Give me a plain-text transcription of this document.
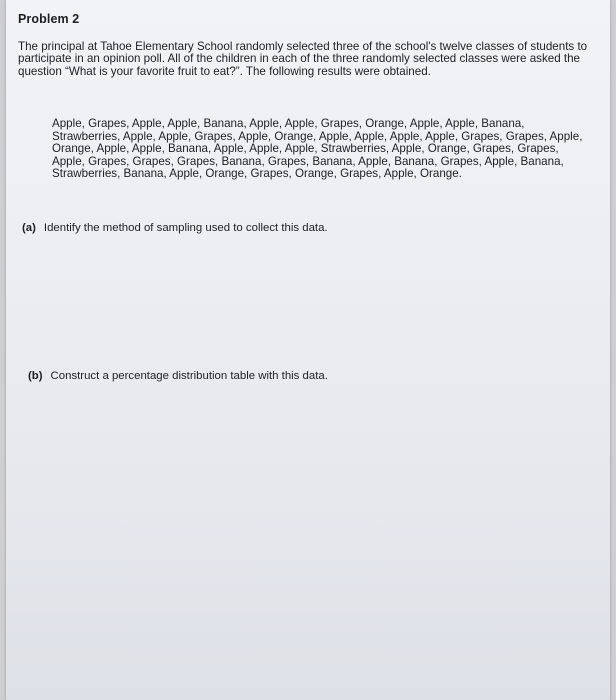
Problem 2
The principal at Tahoe Elementary School randomly selected three of the school's twelve classes of students to participate in an opinion poll. All of the children in each of the three randomly selected classes were asked the question “What is your favorite fruit to eat?”. The following results were obtained.
Apple, Grapes, Apple, Apple, Banana, Apple, Apple, Grapes, Orange, Apple, Apple, Banana, Strawberries, Apple, Apple, Grapes, Apple, Orange, Apple, Apple, Apple, Apple, Grapes, Grapes, Apple, Orange, Apple, Apple, Banana, Apple, Apple, Apple, Strawberries, Apple, Orange, Grapes, Grapes, Apple, Grapes, Grapes, Grapes, Banana, Grapes, Banana, Apple, Banana, Grapes, Apple, Banana, Strawberries, Banana, Apple, Orange, Grapes, Orange, Grapes, Apple, Orange.
(a) Identify the method of sampling used to collect this data.
(b) Construct a percentage distribution table with this data.
